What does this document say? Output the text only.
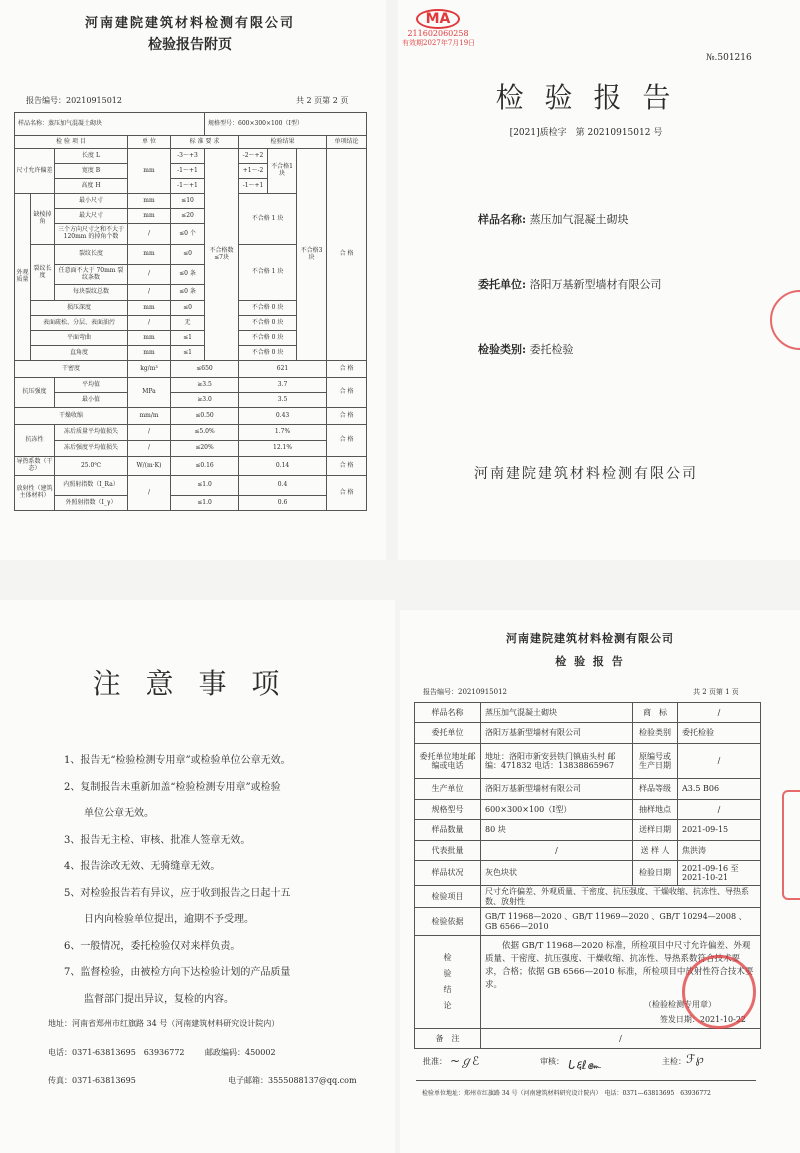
河南建院建筑材料检测有限公司
检验报告附页
报告编号：20210915012	共 2 页第 2 页
样品名称：蒸压加气混凝土砌块					规格型号：600×300×100（Ⅰ型）				
检 验 项 目			单 位	标 准 要 求		检验结果			单项结论
尺寸允许偏差		长度 L	mm	-3～+3	不合格数≤7块	-2～+2	不合格1块	不合格3块	合 格
		宽度 B		-1～+1		+1～-2			
		高度 H		-1～+1		-1～+1			
外观质量	缺棱掉角	最小尺寸	mm	≤10		不合格 1 块			
		最大尺寸	mm	≤20					
		三个方向尺寸之和不大于 120mm 的掉角个数	/	≤0 个					
	裂纹长度	裂纹长度	mm	≤0		不合格 1 块			
		任意面不大于 70mm 裂纹条数	/	≤0 条					
		每块裂纹总数	/	≤0 条					
	损压深度		mm	≤0		不合格 0 块			
	表面疏松、分层、表面油污		/	无		不合格 0 块			
	平面弯曲		mm	≤1		不合格 0 块			
	直角度		mm	≤1		不合格 0 块			
干密度			kg/m³	≤650		621			合 格
抗压强度		平均值	MPa	≥3.5		3.7			合 格
		最小值		≥3.0		3.5			
干燥收缩			mm/m	≤0.50		0.43			合 格
抗冻性		冻后质量平均值损失	/	≤5.0%		1.7%			合 格
		冻后强度平均值损失	/	≤20%		12.1%			
导热系数（干态）		25.0℃	W/(m·K)	≤0.16		0.14			合 格
放射性（建筑主体材料）		内照射指数（I_Ra）	/	≤1.0		0.4			合 格
		外照射指数（I_γ）		≤1.0		0.6			
MA
211602060258
有效期2027年7月19日
№.501216
检 验 报 告
[2021]质检字　第 20210915012 号
样品名称: 蒸压加气混凝土砌块
委托单位: 洛阳万基新型墙材有限公司
检验类别: 委托检验
河南建院建筑材料检测有限公司
注 意 事 项
1、报告无“检验检测专用章”或检验单位公章无效。
2、复制报告未重新加盖“检验检测专用章”或检验
　　单位公章无效。
3、报告无主检、审核、批准人签章无效。
4、报告涂改无效、无骑缝章无效。
5、对检验报告若有异议，应于收到报告之日起十五
　　日内向检验单位提出，逾期不予受理。
6、一般情况，委托检验仅对来样负责。
7、监督检验，由被检方向下达检验计划的产品质量
　　监督部门提出异议，复检的内容。
地址：河南省郑州市红旗路 34 号（河南建筑材料研究设计院内）
电话：0371-63813695　63936772	邮政编码：450002
传真：0371-63813695	电子邮箱：3555088137@qq.com
河南建院建筑材料检测有限公司
检 验 报 告
报告编号：20210915012	共 2 页第 1 页
样品名称	蒸压加气混凝土砌块	商　标	/
委托单位	洛阳万基新型墙材有限公司	检验类别	委托检验
委托单位地址邮编或电话	地址：洛阳市新安县铁门镇庙头村 邮编：471832 电话：13838865967	原编号或生产日期	/
生产单位	洛阳万基新型墙材有限公司	样品等级	A3.5 B06
规格型号	600×300×100（Ⅰ型）	抽样地点	/
样品数量	80 块	送样日期	2021-09-15
代表批量	/	送 样 人	焦洪涛
样品状况	灰色块状	检验日期	2021-09-16 至 2021-10-21
检验项目	尺寸允许偏差、外观质量、干密度、抗压强度、干燥收缩、抗冻性、导热系数、放射性		
检验依据	GB/T 11968—2020 、GB/T 11969—2020 、GB/T 10294—2008 、GB 6566—2010		
检验结论	依据 GB/T 11968—2020 标准，所检项目中尺寸允许偏差、外观质量、干密度、抗压强度、干燥收缩、抗冻性、导热系数符合技术要求，合格；依据 GB 6566—2010 标准，所检项目中放射性符合技术要求。
（检验检测专用章）
签发日期：2021-10-22		

备　注	/		
批准： ~ℊℰ	审核： ᒐ६ℓ๛	主检： ℱ℘
检验单位地址：郑州市红旗路 34 号（河南建筑材料研究设计院内）　电话：0371—63813695　63936772
